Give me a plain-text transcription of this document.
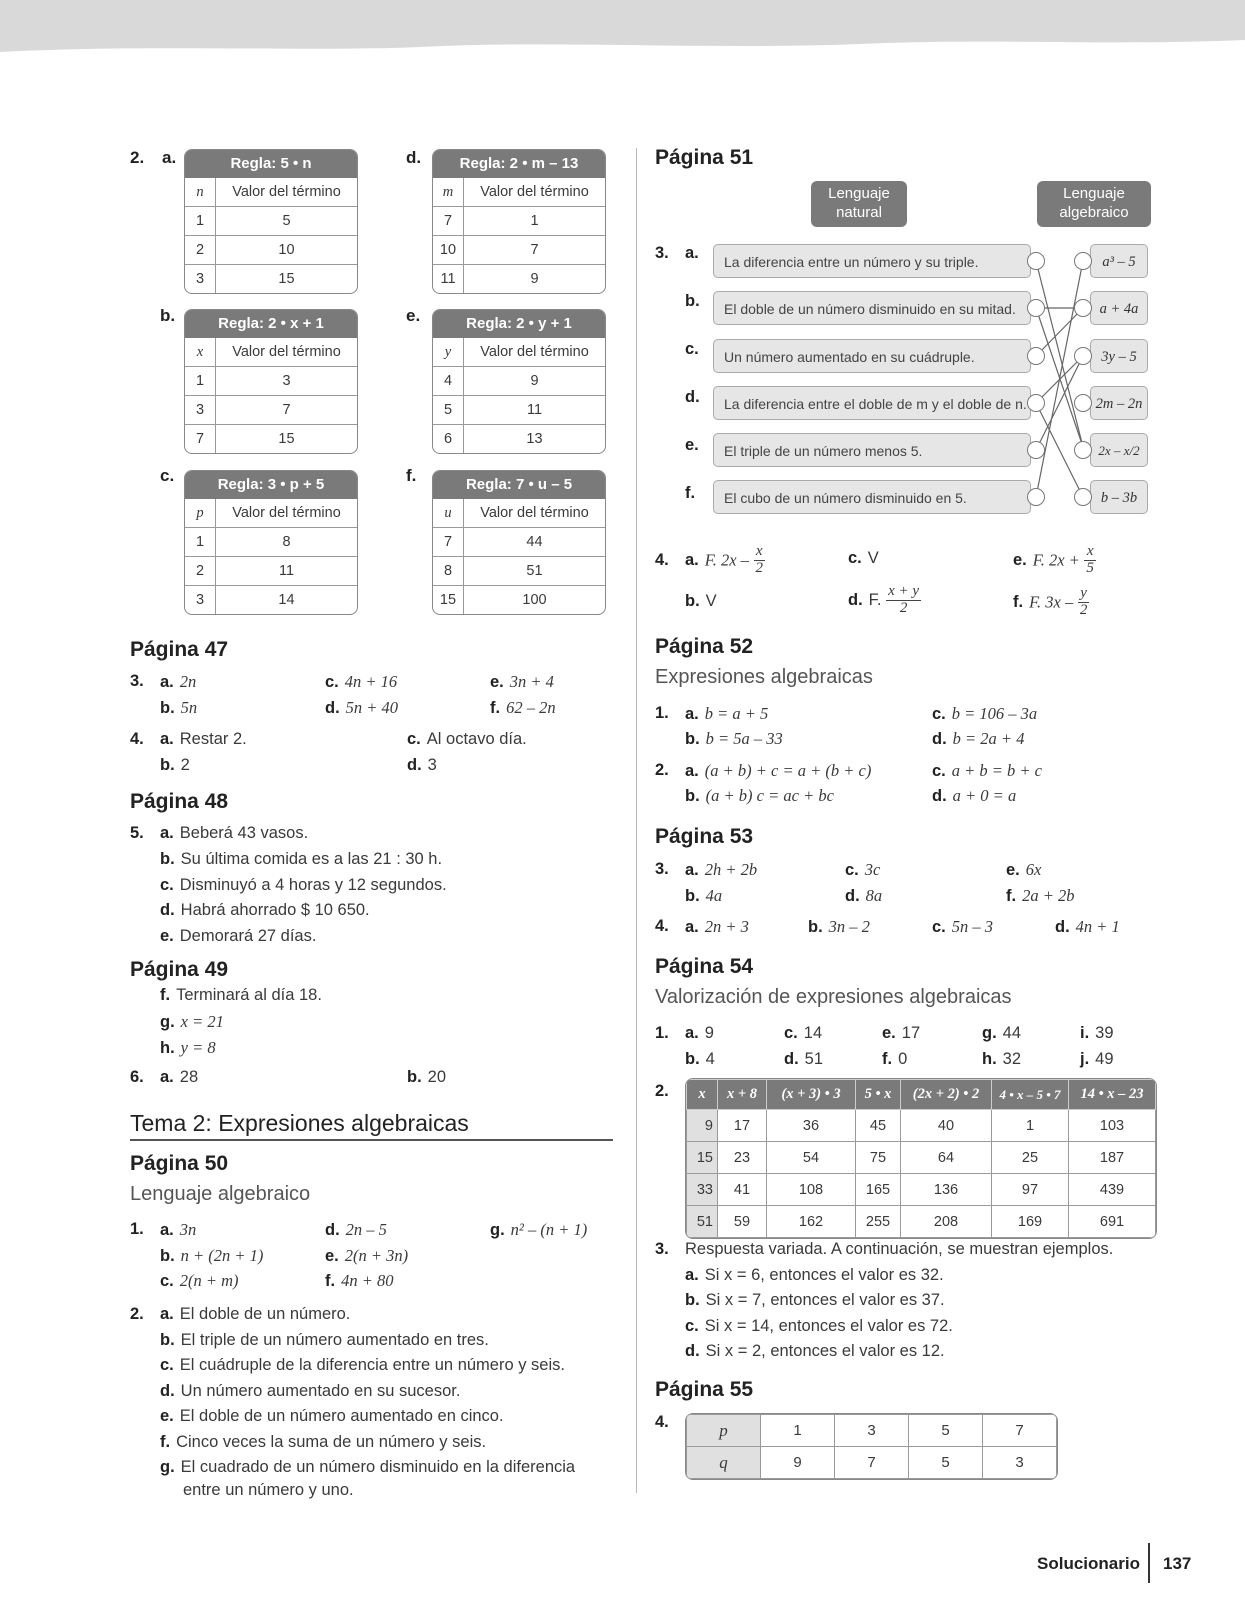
2. a.	Regla: 5 • n
n	Valor del término
1	5
2	10
3	15
b.	Regla: 2 • x + 1
x	Valor del término
1	3
3	7
7	15
c.	Regla: 3 • p + 5
p	Valor del término
1	8
2	11
3	14
d.	Regla: 2 • m – 13
m	Valor del término
7	1
10	7
11	9
e.	Regla: 2 • y + 1
y	Valor del término
4	9
5	11
6	13
f.	Regla: 7 • u – 5
u	Valor del término
7	44
8	51
15	100
Página 47
3. a. 2n
b. 5n
c. 4n + 16
d. 5n + 40
e. 3n + 4
f. 62 – 2n
4. a. Restar 2.
b. 2
c. Al octavo día.
d. 3
Página 48
5. a. Beberá 43 vasos.
b. Su última comida es a las 21 : 30 h.
c. Disminuyó a 4 horas y 12 segundos.
d. Habrá ahorrado $ 10 650.
e. Demorará 27 días.
Página 49
f. Terminará al día 18.
g. x = 21
h. y = 8
6. a. 28	b. 20
Tema 2: Expresiones algebraicas
Página 50
Lenguaje algebraico
1. a. 3n
b. n + (2n + 1)
c. 2(n + m)
d. 2n – 5
e. 2(n + 3n)
f. 4n + 80
g. n² – (n + 1)
2. a. El doble de un número.
b. El triple de un número aumentado en tres.
c. El cuádruple de la diferencia entre un número y seis.
d. Un número aumentado en su sucesor.
e. El doble de un número aumentado en cinco.
f. Cinco veces la suma de un número y seis.
g. El cuadrado de un número disminuido en la diferencia
entre un número y uno.
Página 51
Lenguaje
natural
Lenguaje
algebraico
3. a.
b.
c.
d.
e.
f.
La diferencia entre un número y su triple.
El doble de un número disminuido en su mitad.
Un número aumentado en su cuádruple.
La diferencia entre el doble de m y el doble de n.
El triple de un número menos 5.
El cubo de un número disminuido en 5.
a³ – 5
a + 4a
3y – 5
2m – 2n
2x – x/2
b – 3b
4. a. F. $2x - \frac{x}{2}$
b. V
c. V
d. F. $\frac{x + y}{2}$
e. F. $2x + \frac{x}{5}$
f. F. $3x - \frac{y}{2}$
Página 52
Expresiones algebraicas
1. a. b = a + 5
b. b = 5a – 33
c. b = 106 – 3a
d. b = 2a + 4
2. a. (a + b) + c = a + (b + c)
b. (a + b) c = ac + bc
c. a + b = b + c
d. a + 0 = a
Página 53
3. a. 2h + 2b
b. 4a
c. 3c
d. 8a
e. 6x
f. 2a + 2b
4. a. 2n + 3	b. 3n – 2	c. 5n – 3	d. 4n + 1
Página 54
Valorización de expresiones algebraicas
1. a. 9
b. 4
c. 14
d. 51
e. 17
f. 0
g. 44
h. 32
i. 39
j. 49
2. x	x + 8	(x + 3) • 3	5 • x	(2x + 2) • 2	4 • x – 5 • 7	14 • x – 23
9	17	36	45	40	1	103
15	23	54	75	64	25	187
33	41	108	165	136	97	439
51	59	162	255	208	169	691
3. Respuesta variada. A continuación, se muestran ejemplos.
a. Si x = 6, entonces el valor es 32.
b. Si x = 7, entonces el valor es 37.
c. Si x = 14, entonces el valor es 72.
d. Si x = 2, entonces el valor es 12.
Página 55
4.	p	1	3	5	7
q	9	7	5	3
Solucionario 137
